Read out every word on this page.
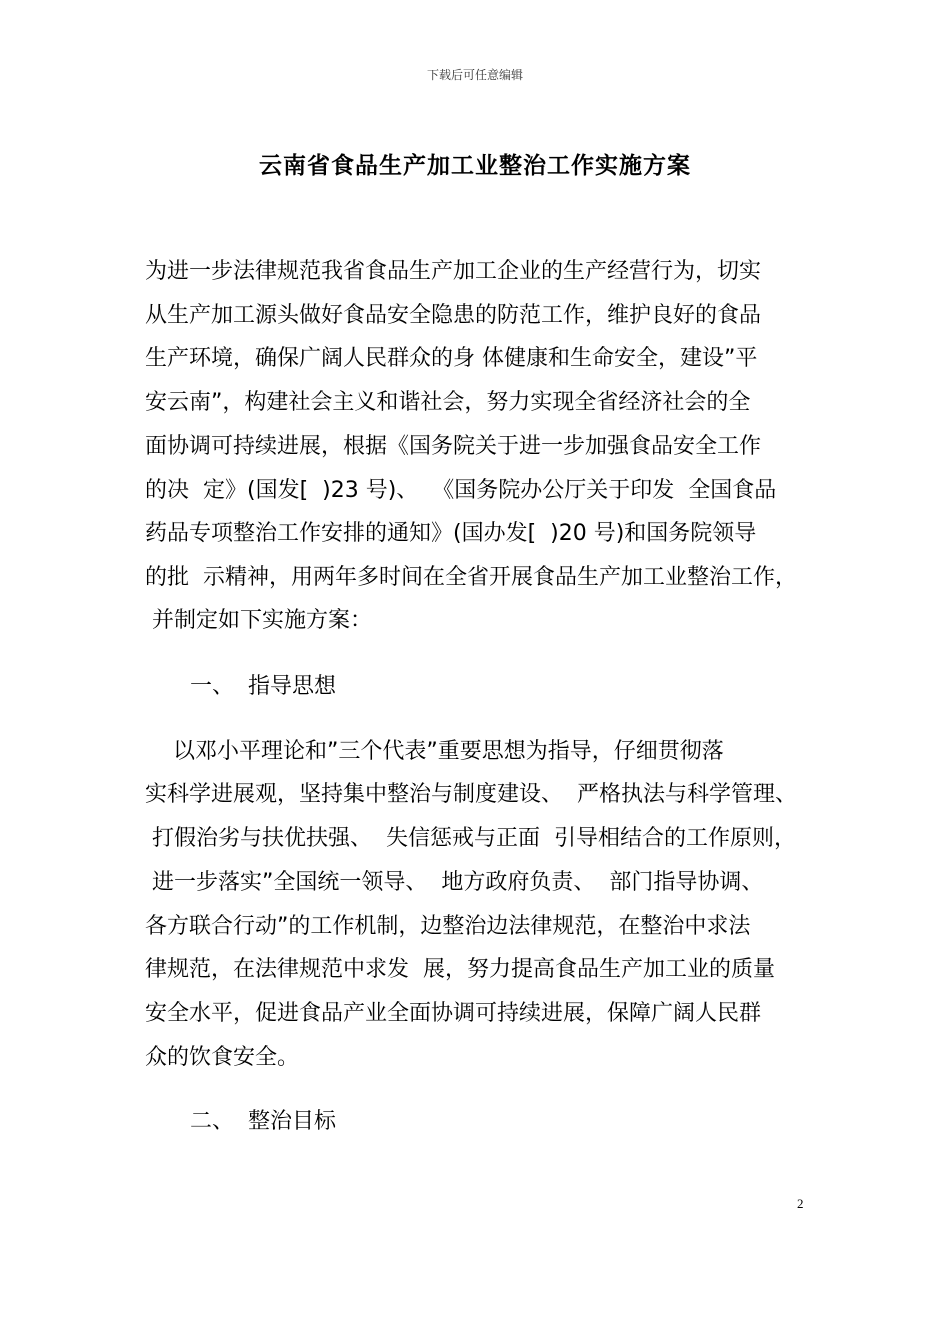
下载后可任意编辑
云南省食品生产加工业整治工作实施方案
为进一步法律规范我省食品生产加工企业的生产经营行为，切实
从生产加工源头做好食品安全隐患的防范工作，维护良好的食品
生产环境，确保广阔人民群众的身 体健康和生命安全，建设”平
安云南”，构建社会主义和谐社会，努力实现全省经济社会的全
面协调可持续进展，根据《国务院关于进一步加强食品安全工作
的决  定》(国发[  )23 号)、  《国务院办公厅关于印发  全国食品
药品专项整治工作安排的通知》(国办发[  )20 号)和国务院领导
的批  示精神，用两年多时间在全省开展食品生产加工业整治工作，
并制定如下实施方案：
一、  指导思想
以邓小平理论和”三个代表”重要思想为指导，仔细贯彻落
实科学进展观，坚持集中整治与制度建设、  严格执法与科学管理、
打假治劣与扶优扶强、  失信惩戒与正面  引导相结合的工作原则，
进一步落实”全国统一领导、  地方政府负责、  部门指导协调、
各方联合行动”的工作机制，边整治边法律规范，在整治中求法
律规范，在法律规范中求发  展，努力提高食品生产加工业的质量
安全水平，促进食品产业全面协调可持续进展，保障广阔人民群
众的饮食安全。
二、  整治目标
2
